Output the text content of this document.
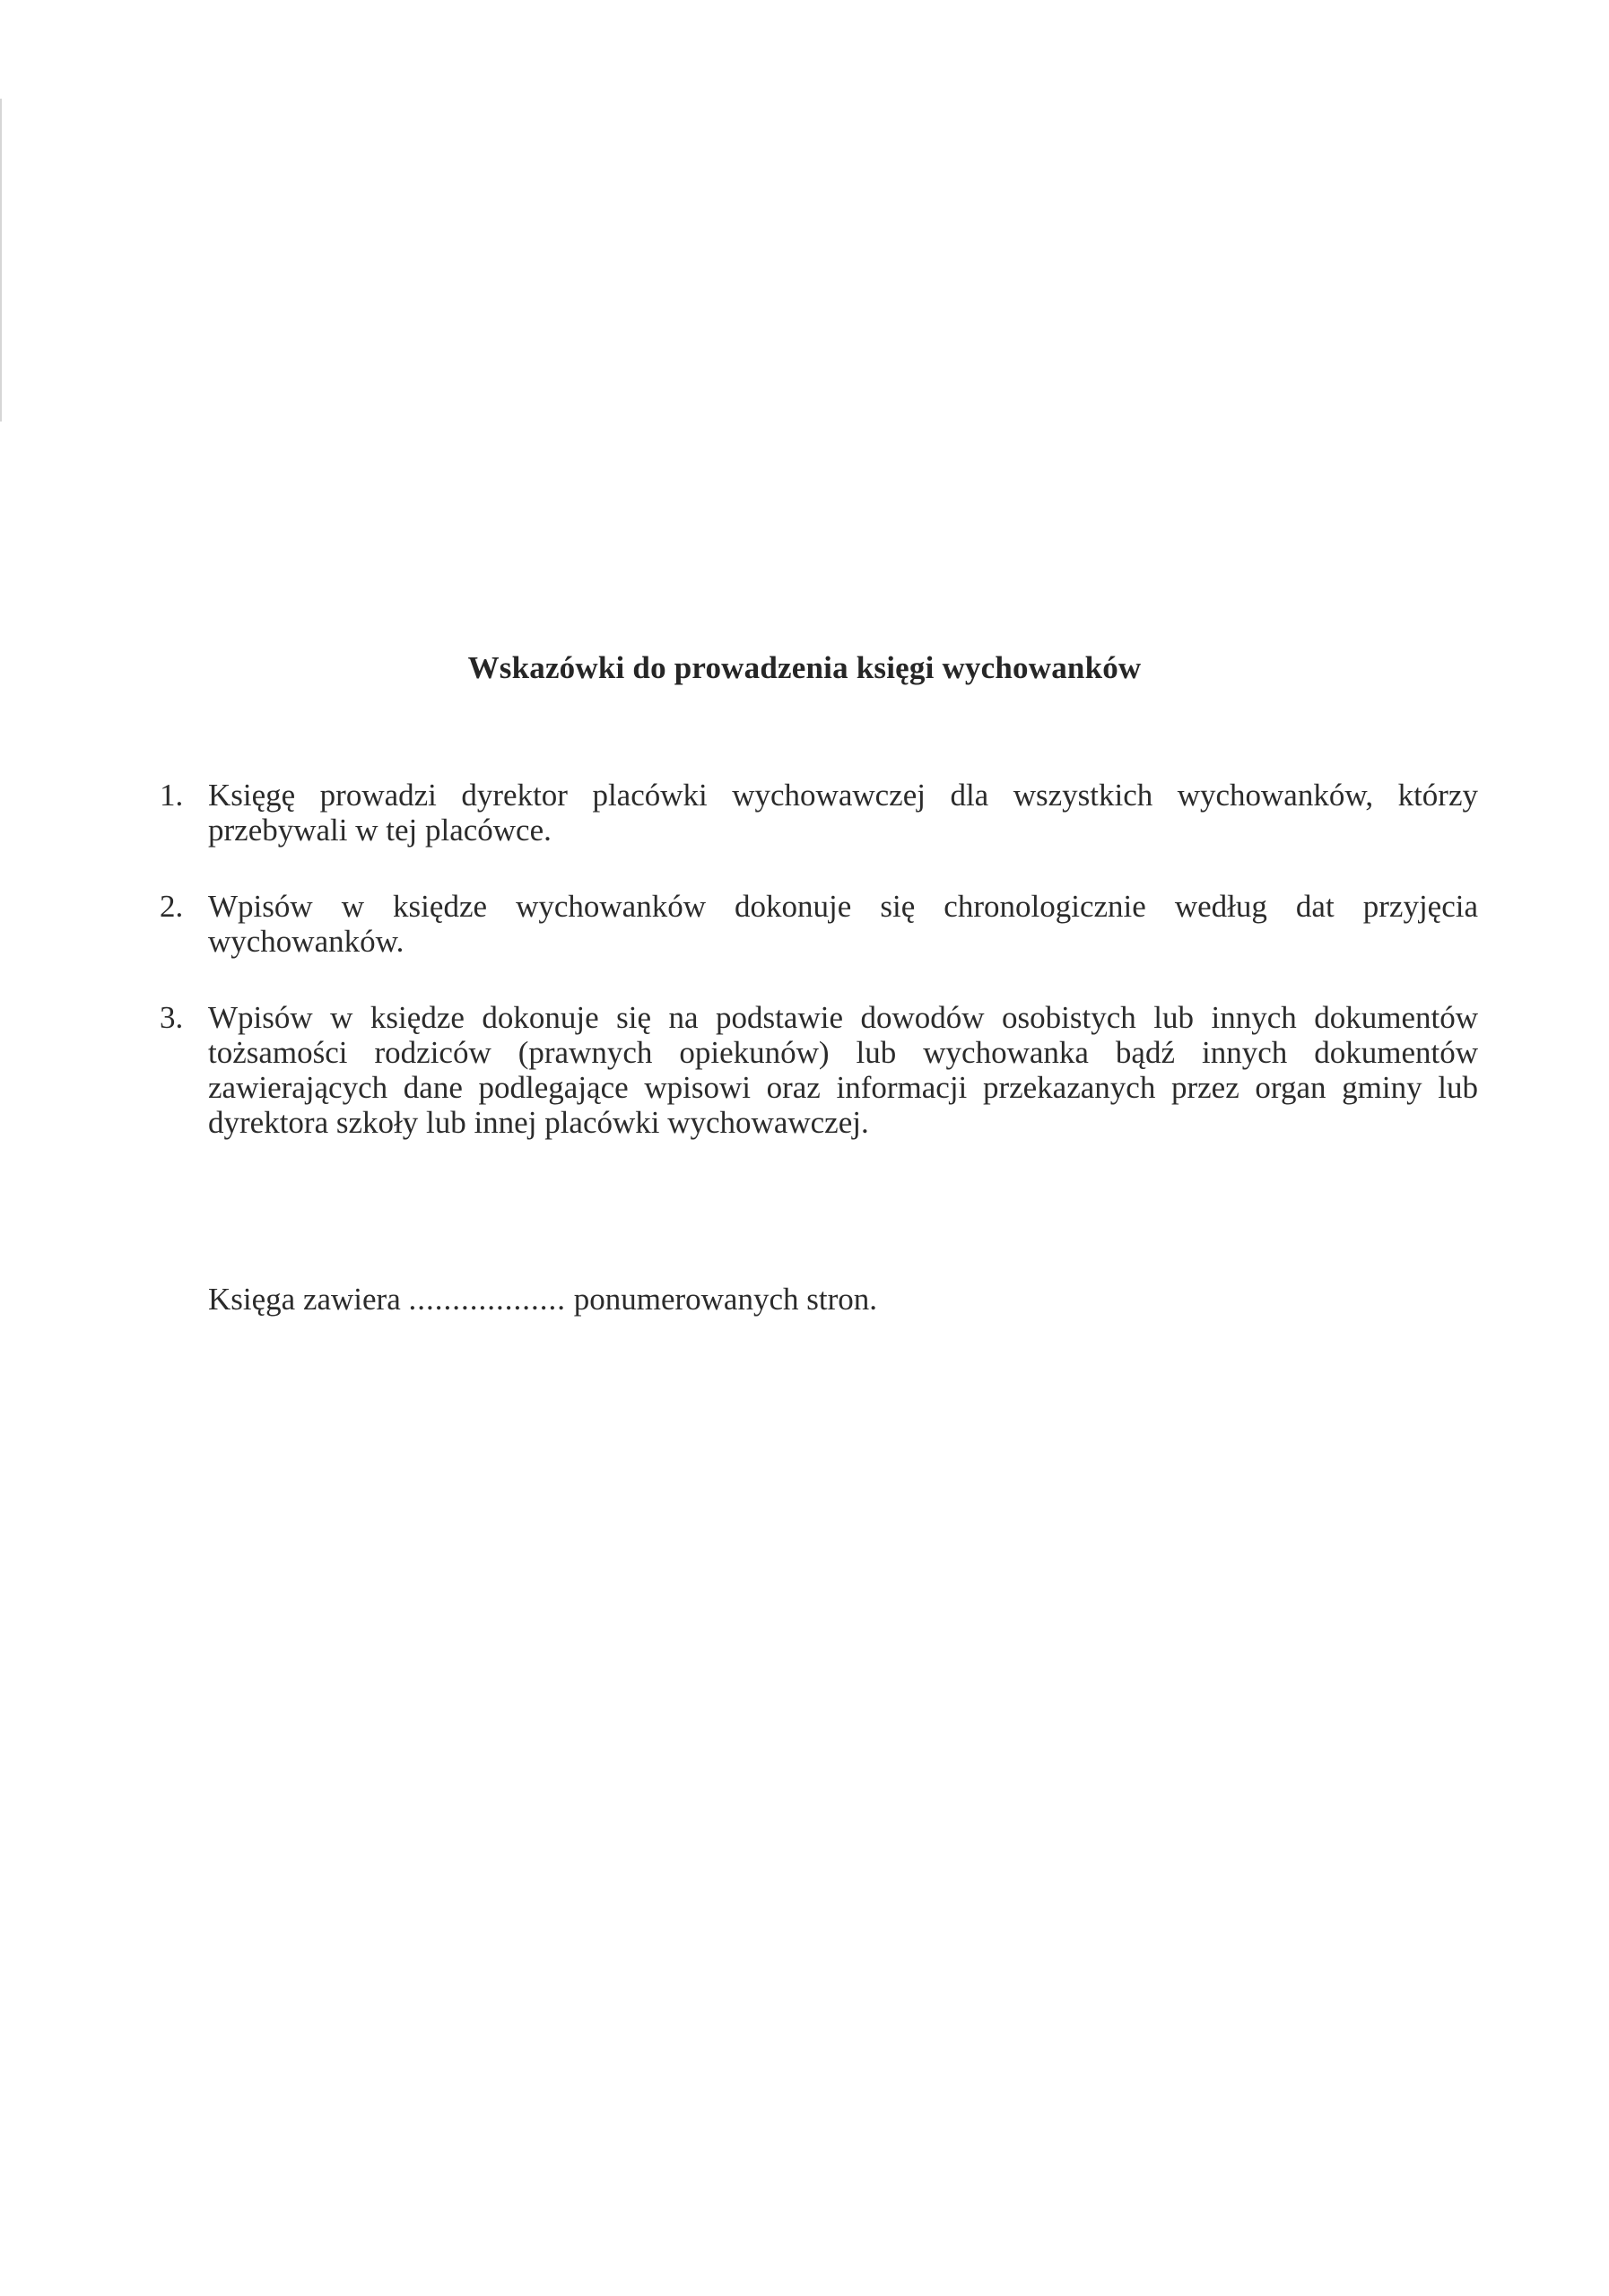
Wskazówki do prowadzenia księgi wychowanków
1. Księgę prowadzi dyrektor placówki wychowawczej dla wszystkich wychowanków, którzy przebywali w tej placówce.
2. Wpisów w księdze wychowanków dokonuje się chronologicznie według dat przyjęcia wychowanków.
3. Wpisów w księdze dokonuje się na podstawie dowodów osobistych lub innych dokumentów tożsamości rodziców (prawnych opiekunów) lub wychowanka bądź innych dokumentów zawierających dane podlegające wpisowi oraz informacji przekazanych przez organ gminy lub dyrektora szkoły lub innej placówki wychowawczej.
Księga zawiera .................. ponumerowanych stron.
